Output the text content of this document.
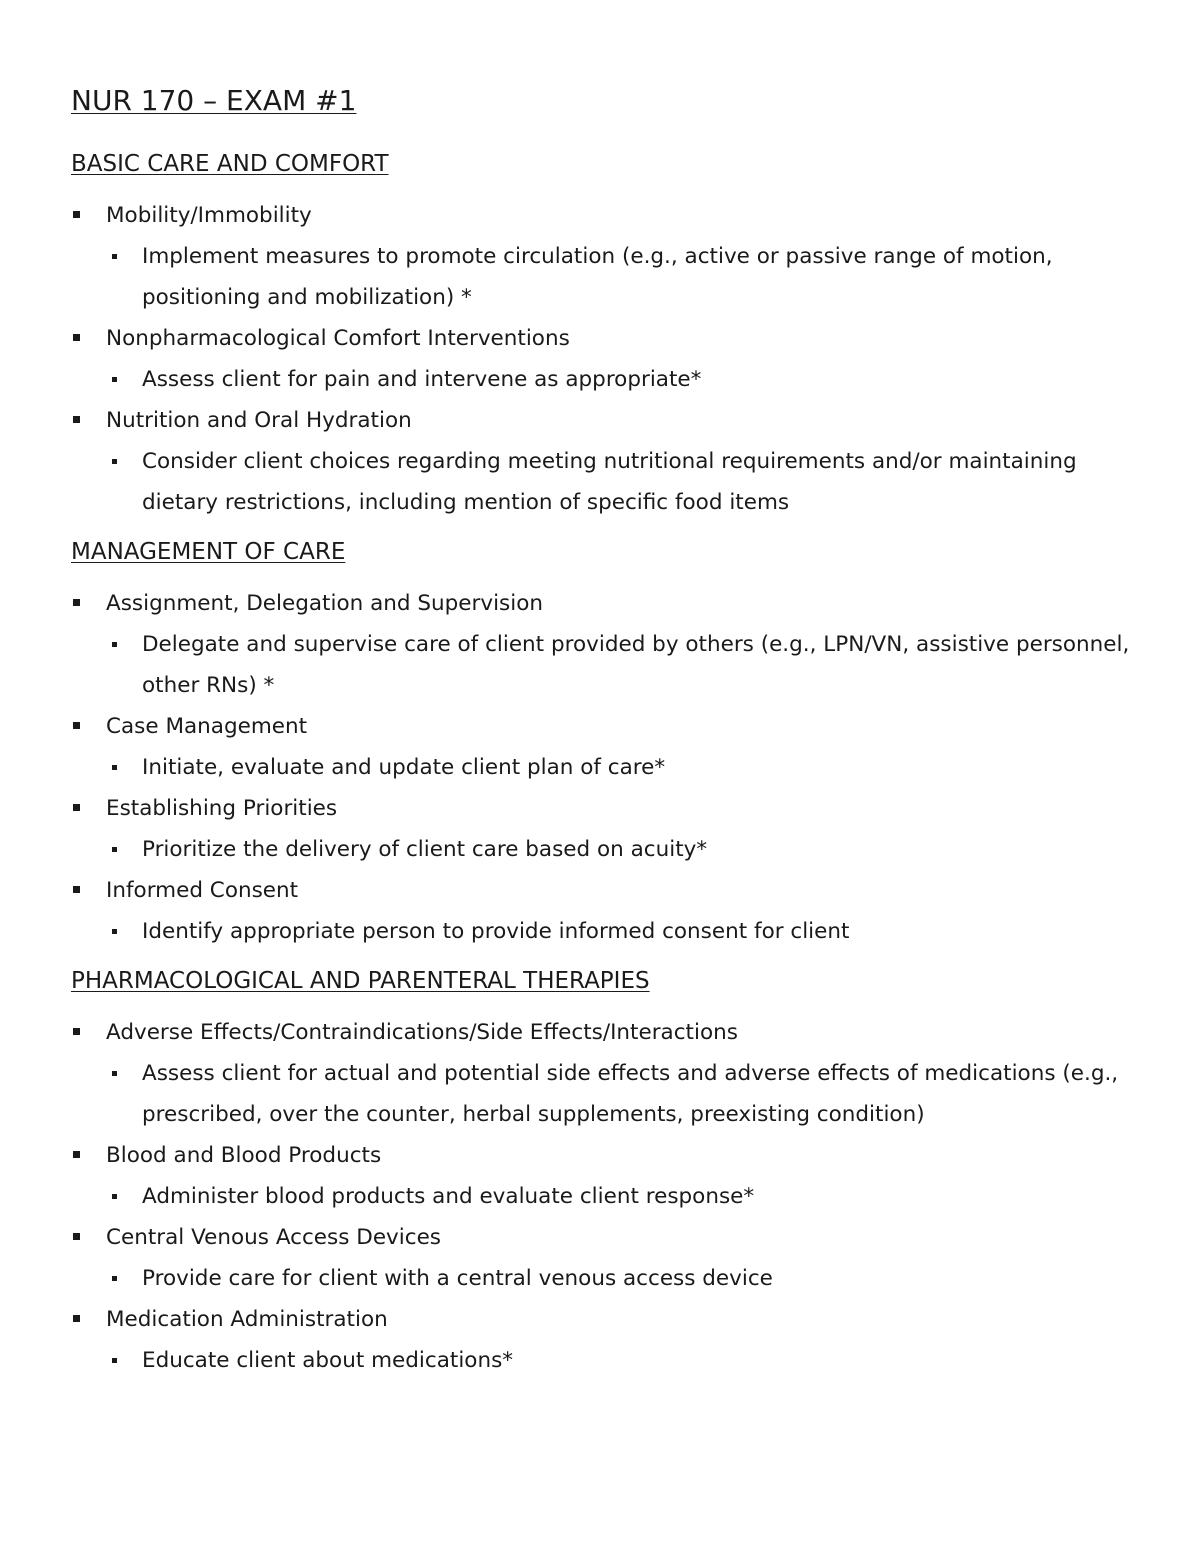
NUR 170 – EXAM #1
BASIC CARE AND COMFORT
Mobility/Immobility
Implement measures to promote circulation (e.g., active or passive range of motion, positioning and mobilization) *
Nonpharmacological Comfort Interventions
Assess client for pain and intervene as appropriate*
Nutrition and Oral Hydration
Consider client choices regarding meeting nutritional requirements and/or maintaining dietary restrictions, including mention of specific food items
MANAGEMENT OF CARE
Assignment, Delegation and Supervision
Delegate and supervise care of client provided by others (e.g., LPN/VN, assistive personnel, other RNs) *
Case Management
Initiate, evaluate and update client plan of care*
Establishing Priorities
Prioritize the delivery of client care based on acuity*
Informed Consent
Identify appropriate person to provide informed consent for client
PHARMACOLOGICAL AND PARENTERAL THERAPIES
Adverse Effects/Contraindications/Side Effects/Interactions
Assess client for actual and potential side effects and adverse effects of medications (e.g., prescribed, over the counter, herbal supplements, preexisting condition)
Blood and Blood Products
Administer blood products and evaluate client response*
Central Venous Access Devices
Provide care for client with a central venous access device
Medication Administration
Educate client about medications*
